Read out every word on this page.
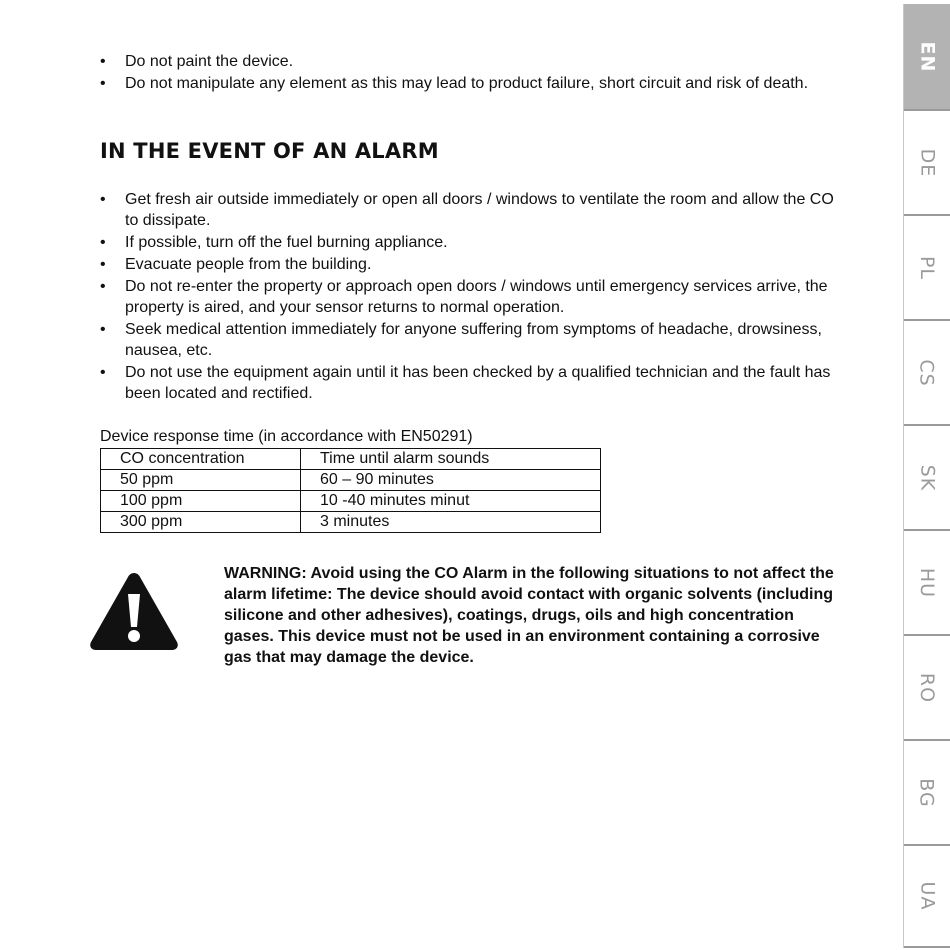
• Do not paint the device.
• Do not manipulate any element as this may lead to product failure, short circuit and risk of death.
IN THE EVENT OF AN ALARM
• Get fresh air outside immediately or open all doors / windows to ventilate the room and allow the CO to dissipate.
• If possible, turn off the fuel burning appliance.
• Evacuate people from the building.
• Do not re-enter the property or approach open doors / windows until emergency services arrive, the property is aired, and your sensor returns to normal operation.
• Seek medical attention immediately for anyone suffering from symptoms of headache, drowsiness, nausea, etc.
• Do not use the equipment again until it has been checked by a qualified technician and the fault has been located and rectified.
Device response time (in accordance with EN50291)
CO concentration	Time until alarm sounds
50 ppm	60 – 90 minutes
100 ppm	10 -40 minutes minut
300 ppm	3 minutes

WARNING: Avoid using the CO Alarm in the following situations to not affect the alarm lifetime: The device should avoid contact with organic solvents (including silicone and other adhesives), coatings, drugs, oils and high concentration gases. This device must not be used in an environment containing a corrosive gas that may damage the device.

EN
DE
PL
CS
SK
HU
RO
BG
UA
